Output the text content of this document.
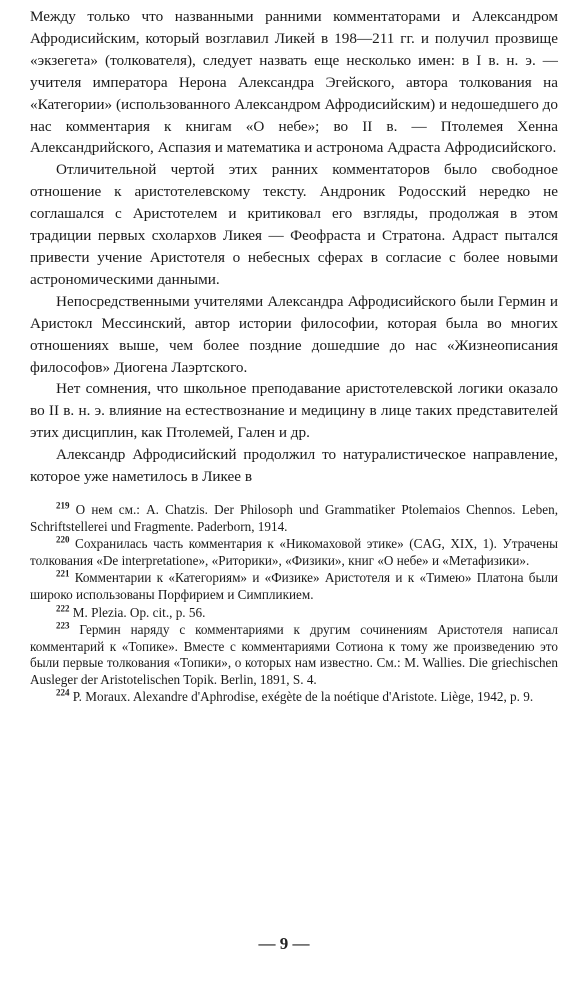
Между только что названными ранними комментаторами и Александром Афродисийским, который возглавил Ликей в 198—211 гг. и получил прозвище «экзегета» (толкователя), следует назвать еще несколько имен: в I в. н. э. — учителя императора Нерона Александра Эгейского, автора толкования на «Категории» (использованного Александром Афродисийским) и недошедшего до нас комментария к книгам «О небе»; во II в. — Птолемея Хенна Александрийского, Аспазия и математика и астронома Адраста Афродисийского.

Отличительной чертой этих ранних комментаторов было свободное отношение к аристотелевскому тексту. Андроник Родосский нередко не соглашался с Аристотелем и критиковал его взгляды, продолжая в этом традиции первых схолархов Ликея — Феофраста и Стратона. Адраст пытался привести учение Аристотеля о небесных сферах в согласие с более новыми астрономическими данными.

Непосредственными учителями Александра Афродисийского были Гермин и Аристокл Мессинский, автор истории философии, которая была во многих отношениях выше, чем более поздние дошедшие до нас «Жизнеописания философов» Диогена Лаэртского.

Нет сомнения, что школьное преподавание аристотелевской логики оказало во II в. н. э. влияние на естествознание и медицину в лице таких представителей этих дисциплин, как Птолемей, Гален и др.

Александр Афродисийский продолжил то натуралистическое направление, которое уже наметилось в Ликее в

$^{219}$ О нем см.: A. Chatzis. Der Philosoph und Grammatiker Ptolemaios Chennos. Leben, Schriftstellerei und Fragmente. Paderborn, 1914.

$^{220}$ Сохранилась часть комментария к «Никомаховой этике» (CAG, XIX, 1). Утрачены толкования «De interpretatione», «Риторики», «Физики», книг «О небе» и «Метафизики».

$^{221}$ Комментарии к «Категориям» и «Физике» Аристотеля и к «Тимею» Платона были широко использованы Порфирием и Симпликием.

$^{222}$ M. Plezia. Op. cit., p. 56.

$^{223}$ Гермин наряду с комментариями к другим сочинениям Аристотеля написал комментарий к «Топике». Вместе с комментариями Сотиона к тому же произведению это были первые толкования «Топики», о которых нам известно. См.: M. Wallies. Die griechischen Ausleger der Aristotelischen Topik. Berlin, 1891, S. 4.

$^{224}$ P. Moraux. Alexandre d'Aphrodise, exégète de la noétique d'Aristote. Liège, 1942, p. 9.

— 9 —
